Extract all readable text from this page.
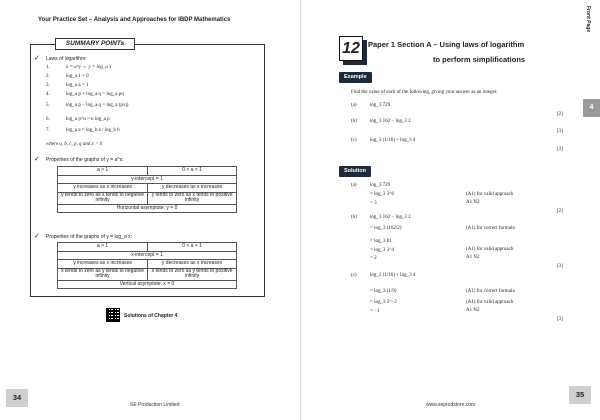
Your Practice Set – Analysis and Approaches for IBDP Mathematics
SUMMARY POINTs
✓ Laws of logarithm:
1.	x = a^y ⇔ y = log_a x
2.	log_a 1 = 0
3.	log_a a = 1
4.	log_a p + log_a q = log_a pq
5.	log_a p − log_a q = log_a (p/q)
6.	log_a p^n = n log_a p
7.	log_a a = log_b a / log_b b
where a, b, c, p, q and x > 0
✓ Properties of the graphs of y = a^x:
a > 1	0 < a < 1
y-intercept = 1	
y increases as x increases	y decreases as x increases
y tends to zero as x tends to negative infinity	y tends to zero as x tends to positive infinity
Horizontal asymptote: y = 0	
✓ Properties of the graphs of y = log_a x:
a > 1	0 < a < 1
x-intercept = 1	
y increases as x increases	y decreases as x increases
x tends to zero as y tends to negative infinity	x tends to zero as y tends to positive infinity
Vertical asymptote: x = 0	
Solutions of Chapter 4
34
SE Production Limited
Front Page
4
12	Paper 1 Section A – Using laws of logarithm
to perform simplifications
Example
Find the value of each of the following, giving your answer as an integer.
(a)	log_3 729
[2]
(b)	log_3 162 − log_3 2
[3]
(c)	log_3 (1/16) + log_3 4
[3]
Solution
(a)	log_3 729
= log_3 3^6
= 3
(A1) for valid approach
A1 N2
[2]
(b)	log_3 162 − log_3 2
= log_3 (162/2)
= log_3 81
= log_3 3^4
= 2
(A1) for correct formula
(A1) for valid approach
A1 N2
[3]
(c)	log_3 (1/16) + log_3 4
= log_3 (1/9)
= log_3 3^−2
= −1
(A1) for correct formula
(A1) for valid approach
A1 N2
[3]
35
www.seprodstore.com
